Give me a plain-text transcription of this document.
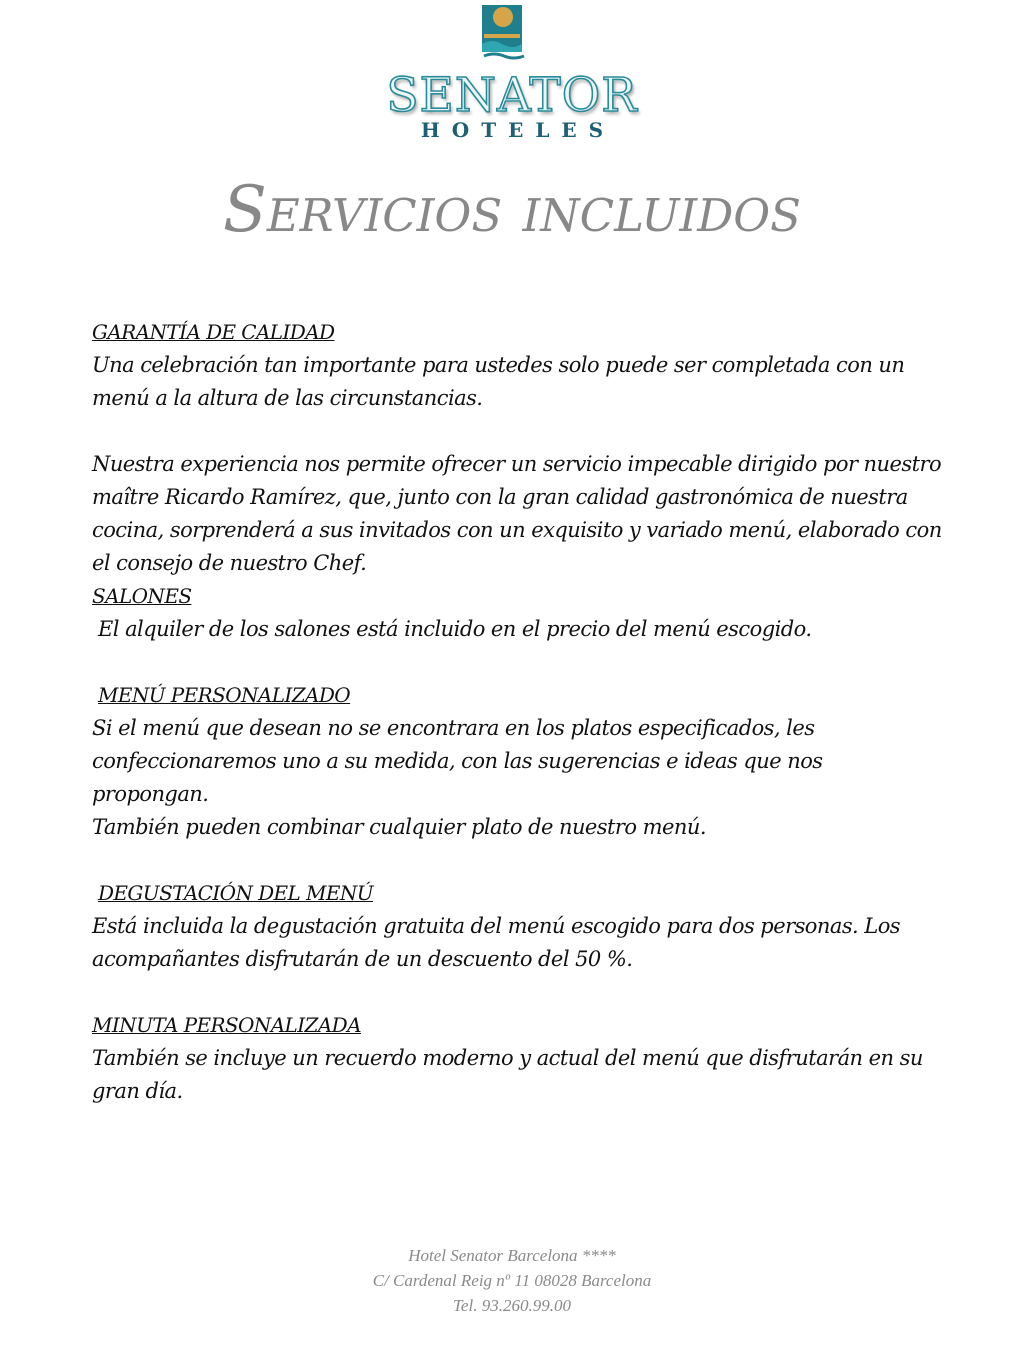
SENATOR
HOTELES
Servicios incluidos

GARANTÍA DE CALIDAD

Una celebración tan importante para ustedes solo puede ser completada con un menú a la altura de las circunstancias.

Nuestra experiencia nos permite ofrecer un servicio impecable dirigido por nuestro maître Ricardo Ramírez, que, junto con la gran calidad gastronómica de nuestra cocina, sorprenderá a sus invitados con un exquisito y variado menú, elaborado con el consejo de nuestro Chef.

SALONES

El alquiler de los salones está incluido en el precio del menú escogido.

MENÚ PERSONALIZADO

Si el menú que desean no se encontrara en los platos especificados, les confeccionaremos uno a su medida, con las sugerencias e ideas que nos propongan.

También pueden combinar cualquier plato de nuestro menú.

DEGUSTACIÓN DEL MENÚ

Está incluida la degustación gratuita del menú escogido para dos personas. Los acompañantes disfrutarán de un descuento del 50 %.

MINUTA PERSONALIZADA

También se incluye un recuerdo moderno y actual del menú que disfrutarán en su gran día.

Hotel Senator Barcelona ****
C/ Cardenal Reig nº 11 08028 Barcelona
Tel. 93.260.99.00
